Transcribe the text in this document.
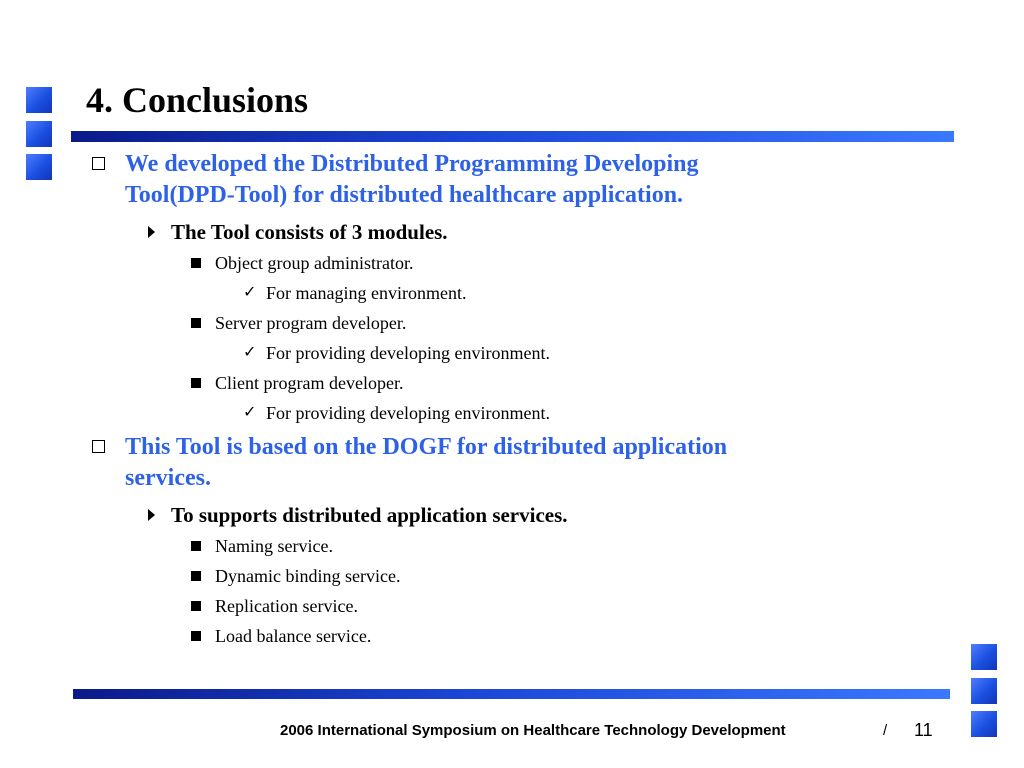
4. Conclusions
We developed the Distributed Programming Developing
Tool(DPD-Tool) for distributed healthcare application.
The Tool consists of 3 modules.
Object group administrator.
✓ For managing environment.
Server program developer.
✓ For providing developing environment.
Client program developer.
✓ For providing developing environment.
This Tool is based on the DOGF for distributed application
services.
To supports distributed application services.
Naming service.
Dynamic binding service.
Replication service.
Load balance service.
2006 International Symposium on Healthcare Technology Development	/ 11
